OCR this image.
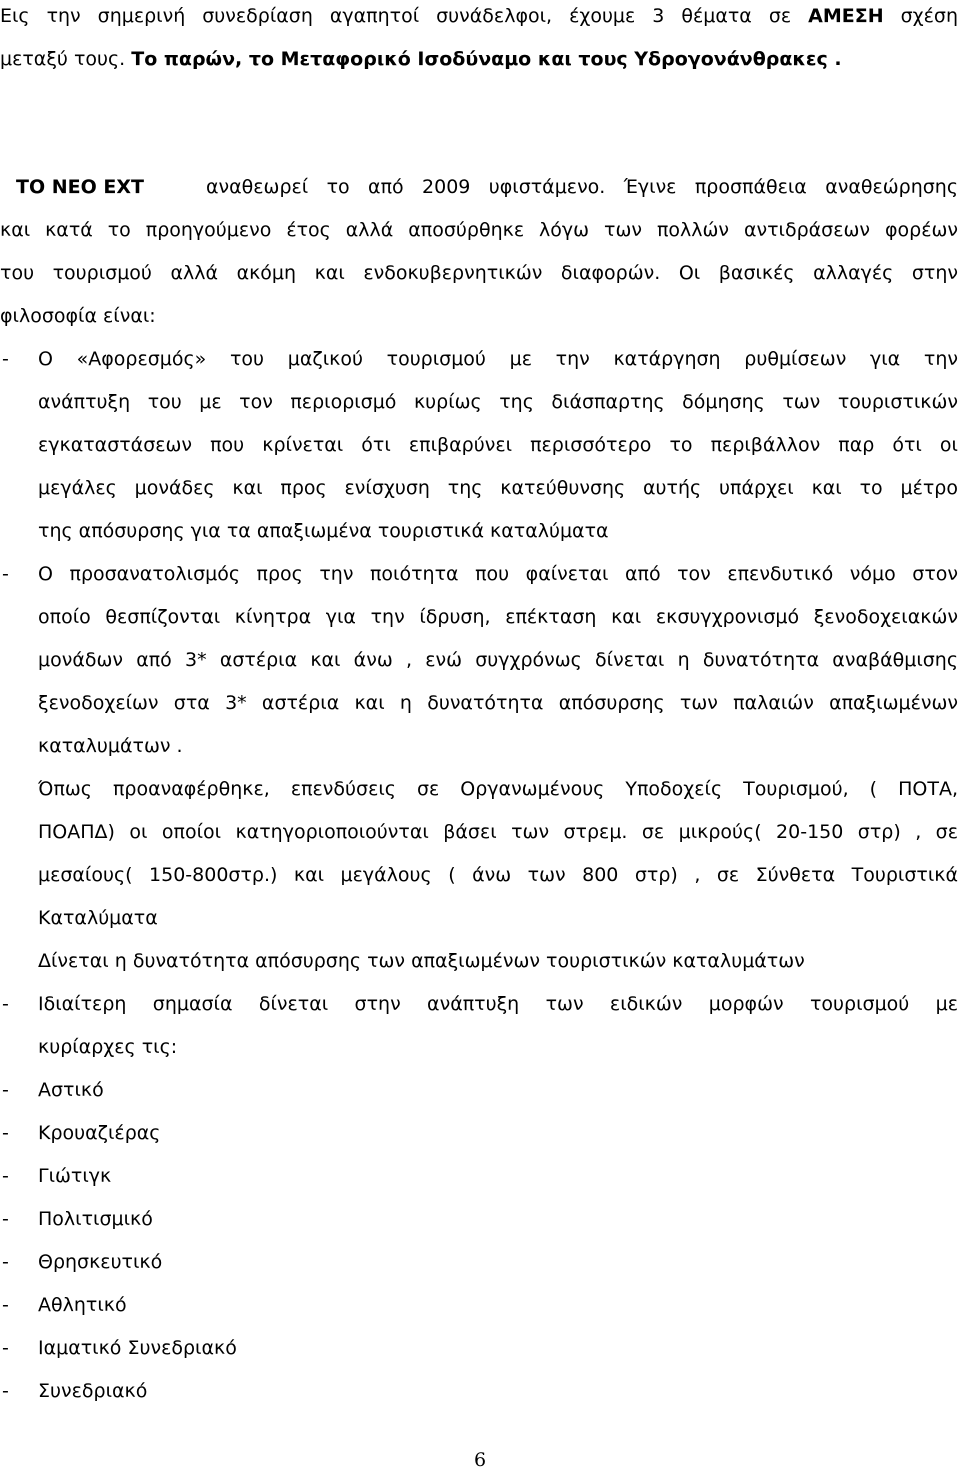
Εις την σημερινή συνεδρίαση αγαπητοί συνάδελφοι, έχουμε 3 θέματα σε ΑΜΕΣΗ σχέση
μεταξύ τους. Το παρών, το Μεταφορικό Ισοδύναμο και τους Υδρογονάνθρακες .
ΤΟ ΝΕΟ ΕΧΤ	αναθεωρεί το από 2009 υφιστάμενο. Έγινε προσπάθεια αναθεώρησης
και κατά το προηγούμενο έτος αλλά αποσύρθηκε λόγω των πολλών αντιδράσεων φορέων
του τουρισμού αλλά ακόμη και ενδοκυβερνητικών διαφορών. Οι βασικές αλλαγές στην
φιλοσοφία είναι:
- Ο «Αφορεσμός» του μαζικού τουρισμού με την κατάργηση ρυθμίσεων για την
ανάπτυξη του με τον περιορισμό κυρίως της διάσπαρτης δόμησης των τουριστικών
εγκαταστάσεων που κρίνεται ότι επιβαρύνει περισσότερο το περιβάλλον παρ ότι οι
μεγάλες μονάδες και προς ενίσχυση της κατεύθυνσης αυτής υπάρχει και το μέτρο
της απόσυρσης για τα απαξιωμένα τουριστικά καταλύματα
- Ο προσανατολισμός προς την ποιότητα που φαίνεται από τον επενδυτικό νόμο στον
οποίο θεσπίζονται κίνητρα για την ίδρυση, επέκταση και εκσυγχρονισμό ξενοδοχειακών
μονάδων από 3* αστέρια και άνω , ενώ συγχρόνως δίνεται η δυνατότητα αναβάθμισης
ξενοδοχείων στα 3* αστέρια και η δυνατότητα απόσυρσης των παλαιών απαξιωμένων
καταλυμάτων .
Όπως προαναφέρθηκε, επενδύσεις σε Οργανωμένους Υποδοχείς Τουρισμού, ( ΠΟΤΑ,
ΠΟΑΠΔ) οι οποίοι κατηγοριοποιούνται βάσει των στρεμ. σε μικρούς( 20-150 στρ) , σε
μεσαίους( 150-800στρ.) και μεγάλους ( άνω των 800 στρ) , σε Σύνθετα Τουριστικά
Καταλύματα
Δίνεται η δυνατότητα απόσυρσης των απαξιωμένων τουριστικών καταλυμάτων
- Ιδιαίτερη σημασία δίνεται στην ανάπτυξη των ειδικών μορφών τουρισμού με
κυρίαρχες τις:
- Αστικό
- Κρουαζιέρας
- Γιώτιγκ
- Πολιτισμικό
- Θρησκευτικό
- Αθλητικό
- Ιαματικό Συνεδριακό
- Συνεδριακό
6
